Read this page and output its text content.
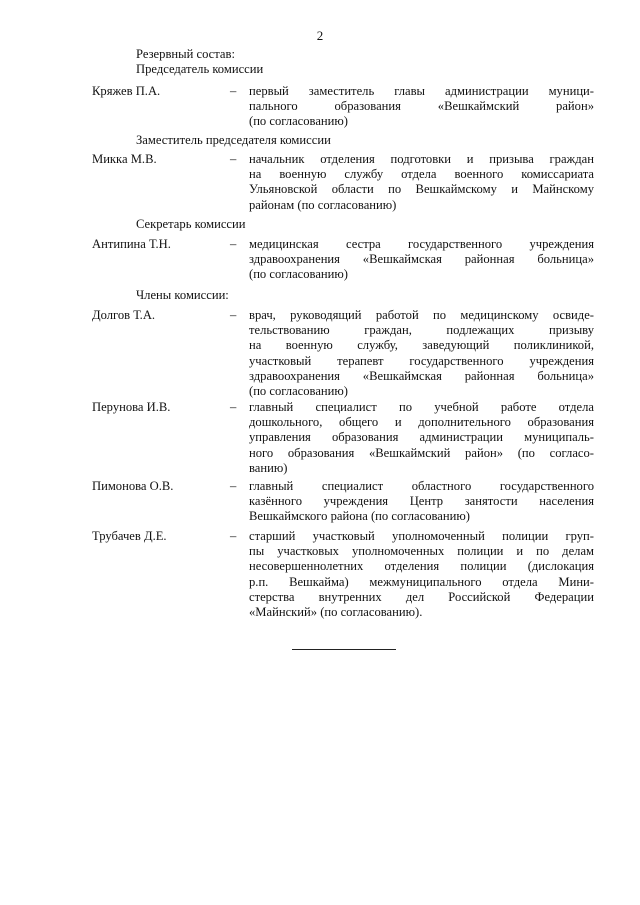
2
Резервный состав:
Председатель комиссии
Кряжев П.А.	– первый заместитель главы администрации муници-
пального образования «Вешкаймский район»
(по согласованию)
Заместитель председателя комиссии
Микка М.В.	– начальник отделения подготовки и призыва граждан
на военную службу отдела военного комиссариата
Ульяновской области по Вешкаймскому и Майнскому
районам (по согласованию)
Секретарь комиссии
Антипина Т.Н.	– медицинская сестра государственного учреждения
здравоохранения «Вешкаймская районная больница»
(по согласованию)
Члены комиссии:
Долгов Т.А.	– врач, руководящий работой по медицинскому освиде-
тельствованию граждан, подлежащих призыву
на военную службу, заведующий поликлиникой,
участковый терапевт государственного учреждения
здравоохранения «Вешкаймская районная больница»
(по согласованию)
Перунова И.В.	– главный специалист по учебной работе отдела
дошкольного, общего и дополнительного образования
управления образования администрации муниципаль-
ного образования «Вешкаймский район» (по согласо-
ванию)
Пимонова О.В.	– главный специалист областного государственного
казённого учреждения Центр занятости населения
Вешкаймского района (по согласованию)
Трубачев Д.Е.	– старший участковый уполномоченный полиции груп-
пы участковых уполномоченных полиции и по делам
несовершеннолетних отделения полиции (дислокация
р.п. Вешкайма) межмуниципального отдела Мини-
стерства внутренних дел Российской Федерации
«Майнский» (по согласованию).
